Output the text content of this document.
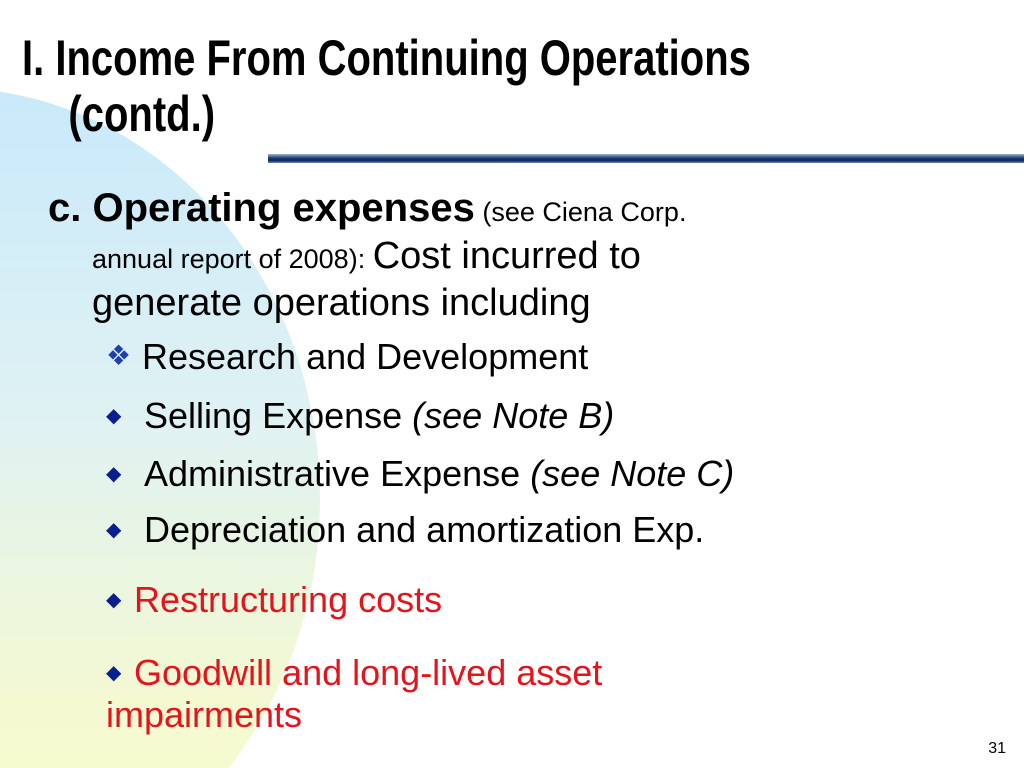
I. Income From Continuing Operations
(contd.)
c. Operating expenses (see Ciena Corp.
annual report of 2008): Cost incurred to
generate operations including
❖ Research and Development
◆ Selling Expense (see Note B)
◆ Administrative Expense (see Note C)
◆ Depreciation and amortization Exp.
◆ Restructuring costs
◆ Goodwill and long-lived asset
impairments
31
